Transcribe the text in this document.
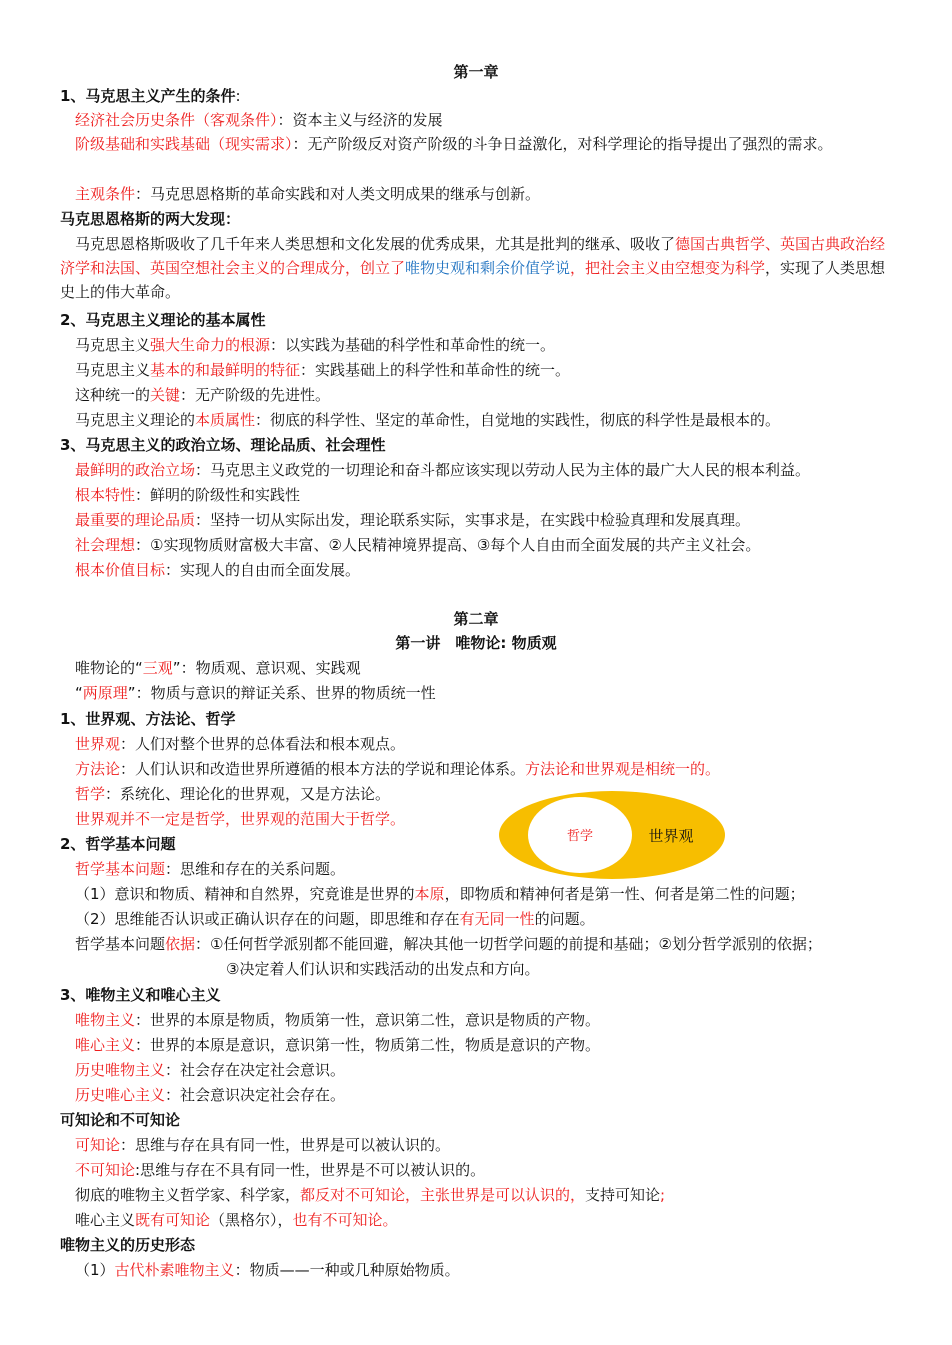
第一章
1、马克思主义产生的条件:
经济社会历史条件（客观条件）：资本主义与经济的发展
阶级基础和实践基础（现实需求）：无产阶级反对资产阶级的斗争日益激化，对科学理论的指导提出了强烈的需求。
主观条件：马克思恩格斯的革命实践和对人类文明成果的继承与创新。
马克思恩格斯的两大发现：
马克思恩格斯吸收了几千年来人类思想和文化发展的优秀成果，尤其是批判的继承、吸收了德国古典哲学、英国古典政治经济学和法国、英国空想社会主义的合理成分，创立了唯物史观和剩余价值学说，把社会主义由空想变为科学，实现了人类思想史上的伟大革命。
2、马克思主义理论的基本属性
马克思主义强大生命力的根源：以实践为基础的科学性和革命性的统一。
马克思主义基本的和最鲜明的特征：实践基础上的科学性和革命性的统一。
这种统一的关键：无产阶级的先进性。
马克思主义理论的本质属性：彻底的科学性、坚定的革命性，自觉地的实践性，彻底的科学性是最根本的。
3、马克思主义的政治立场、理论品质、社会理性
最鲜明的政治立场：马克思主义政党的一切理论和奋斗都应该实现以劳动人民为主体的最广大人民的根本利益。
根本特性：鲜明的阶级性和实践性
最重要的理论品质：坚持一切从实际出发，理论联系实际，实事求是，在实践中检验真理和发展真理。
社会理想：①实现物质财富极大丰富、②人民精神境界提高、③每个人自由而全面发展的共产主义社会。
根本价值目标：实现人的自由而全面发展。
第二章
第一讲　唯物论: 物质观
唯物论的“三观”：物质观、意识观、实践观
“两原理”：物质与意识的辩证关系、世界的物质统一性
1、世界观、方法论、哲学
世界观：人们对整个世界的总体看法和根本观点。
方法论：人们认识和改造世界所遵循的根本方法的学说和理论体系。方法论和世界观是相统一的。
哲学：系统化、理论化的世界观，又是方法论。
世界观并不一定是哲学，世界观的范围大于哲学。
哲学	世界观
2、哲学基本问题
哲学基本问题：思维和存在的关系问题。
（1）意识和物质、精神和自然界，究竟谁是世界的本原，即物质和精神何者是第一性、何者是第二性的问题；
（2）思维能否认识或正确认识存在的问题，即思维和存在有无同一性的问题。
哲学基本问题依据：①任何哲学派别都不能回避，解决其他一切哲学问题的前提和基础；②划分哲学派别的依据；
③决定着人们认识和实践活动的出发点和方向。
3、唯物主义和唯心主义
唯物主义：世界的本原是物质，物质第一性，意识第二性，意识是物质的产物。
唯心主义：世界的本原是意识，意识第一性，物质第二性，物质是意识的产物。
历史唯物主义：社会存在决定社会意识。
历史唯心主义：社会意识决定社会存在。
可知论和不可知论
可知论：思维与存在具有同一性，世界是可以被认识的。
不可知论:思维与存在不具有同一性，世界是不可以被认识的。
彻底的唯物主义哲学家、科学家，都反对不可知论，主张世界是可以认识的，支持可知论;
唯心主义既有可知论（黑格尔），也有不可知论。
唯物主义的历史形态
（1）古代朴素唯物主义：物质——一种或几种原始物质。
